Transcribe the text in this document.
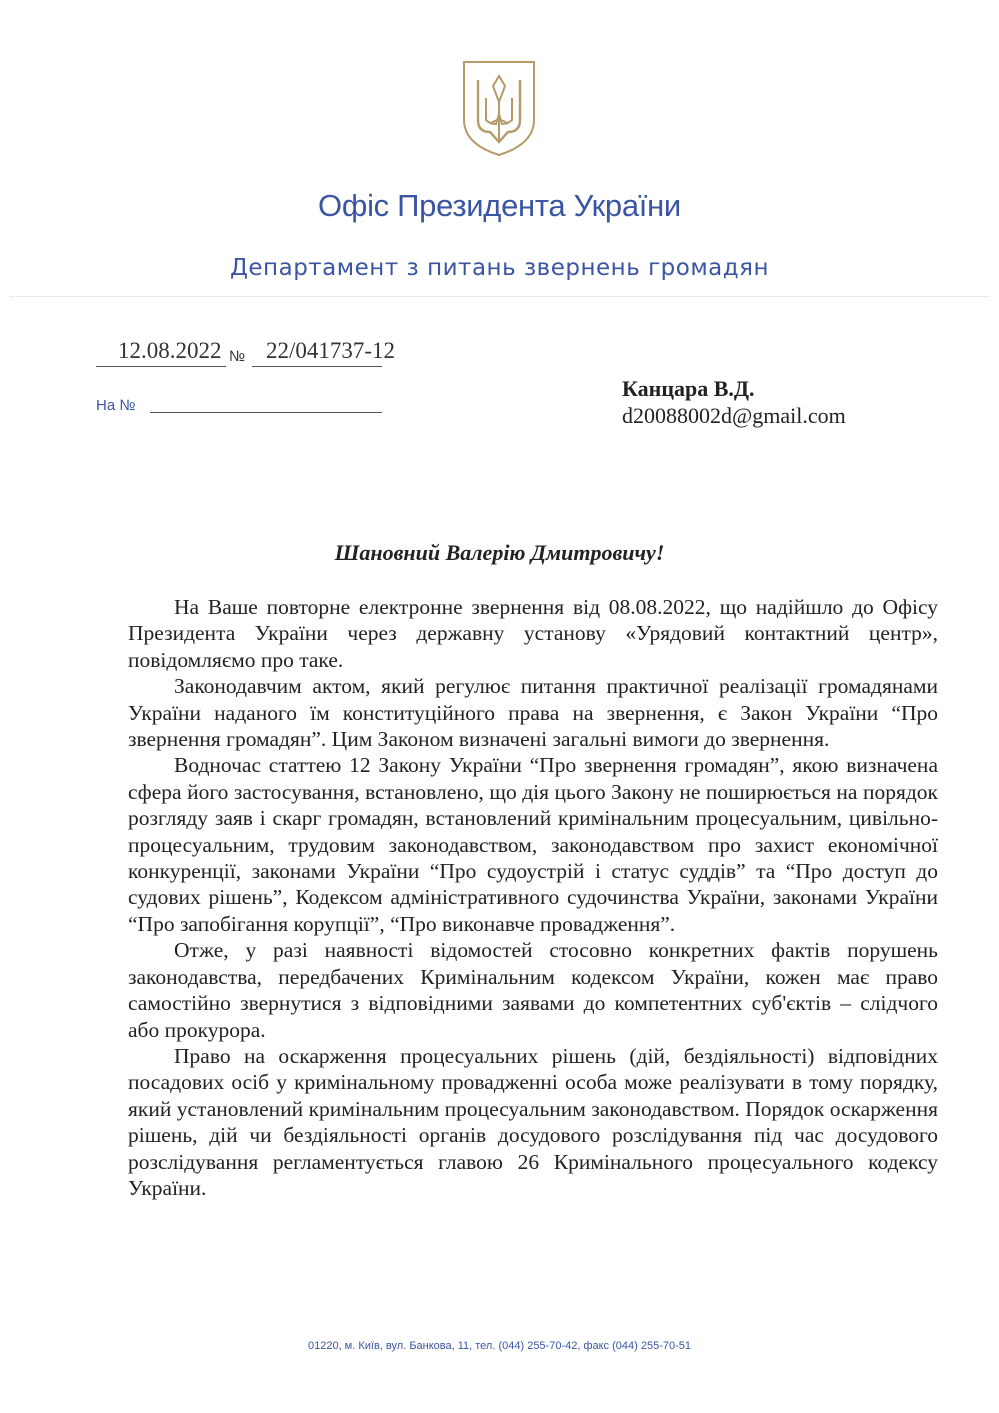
Офіс Президента України
Департамент з питань звернень громадян
12.08.2022 № 22/041737-12
На №
Канцара В.Д.
d20088002d@gmail.com
Шановний Валерію Дмитровичу!

На Ваше повторне електронне звернення від 08.08.2022, що надійшло до Офісу Президента України через державну установу «Урядовий контактний центр», повідомляємо про таке.

Законодавчим актом, який регулює питання практичної реалізації громадянами України наданого їм конституційного права на звернення, є Закон України “Про звернення громадян”. Цим Законом визначені загальні вимоги до звернення.

Водночас статтею 12 Закону України “Про звернення громадян”, якою визначена сфера його застосування, встановлено, що дія цього Закону не поширюється на порядок розгляду заяв і скарг громадян, встановлений кримінальним процесуальним, цивільно-процесуальним, трудовим законодавством, законодавством про захист економічної конкуренції, законами України “Про судоустрій і статус суддів” та “Про доступ до судових рішень”, Кодексом адміністративного судочинства України, законами України “Про запобігання корупції”, “Про виконавче провадження”.

Отже, у разі наявності відомостей стосовно конкретних фактів порушень законодавства, передбачених Кримінальним кодексом України, кожен має право самостійно звернутися з відповідними заявами до компетентних суб'єктів – слідчого або прокурора.

Право на оскарження процесуальних рішень (дій, бездіяльності) відповідних посадових осіб у кримінальному провадженні особа може реалізувати в тому порядку, який установлений кримінальним процесуальним законодавством. Порядок оскарження рішень, дій чи бездіяльності органів досудового розслідування під час досудового розслідування регламентується главою 26 Кримінального процесуального кодексу України.

01220, м. Київ, вул. Банкова, 11, тел. (044) 255-70-42, факс (044) 255-70-51
